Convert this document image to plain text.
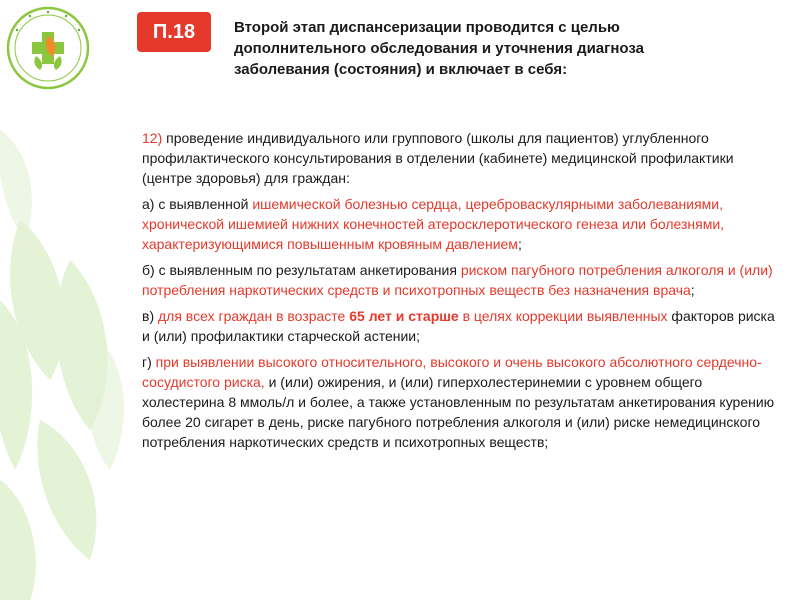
П.18	Второй этап диспансеризации проводится с целью дополнительного обследования и уточнения диагноза заболевания (состояния) и включает в себя:

12) проведение индивидуального или группового (школы для пациентов) углубленного профилактического консультирования в отделении (кабинете) медицинской профилактики (центре здоровья) для граждан:

а) с выявленной ишемической болезнью сердца, цереброваскулярными заболеваниями, хронической ишемией нижних конечностей атеросклеротического генеза или болезнями, характеризующимися повышенным кровяным давлением;

б) с выявленным по результатам анкетирования риском пагубного потребления алкоголя и (или) потребления наркотических средств и психотропных веществ без назначения врача;

в) для всех граждан в возрасте 65 лет и старше в целях коррекции выявленных факторов риска и (или) профилактики старческой астении;

г) при выявлении высокого относительного, высокого и очень высокого абсолютного сердечно-сосудистого риска, и (или) ожирения, и (или) гиперхолестеринемии с уровнем общего холестерина 8 ммоль/л и более, а также установленным по результатам анкетирования курению более 20 сигарет в день, риске пагубного потребления алкоголя и (или) риске немедицинского потребления наркотических средств и психотропных веществ;
